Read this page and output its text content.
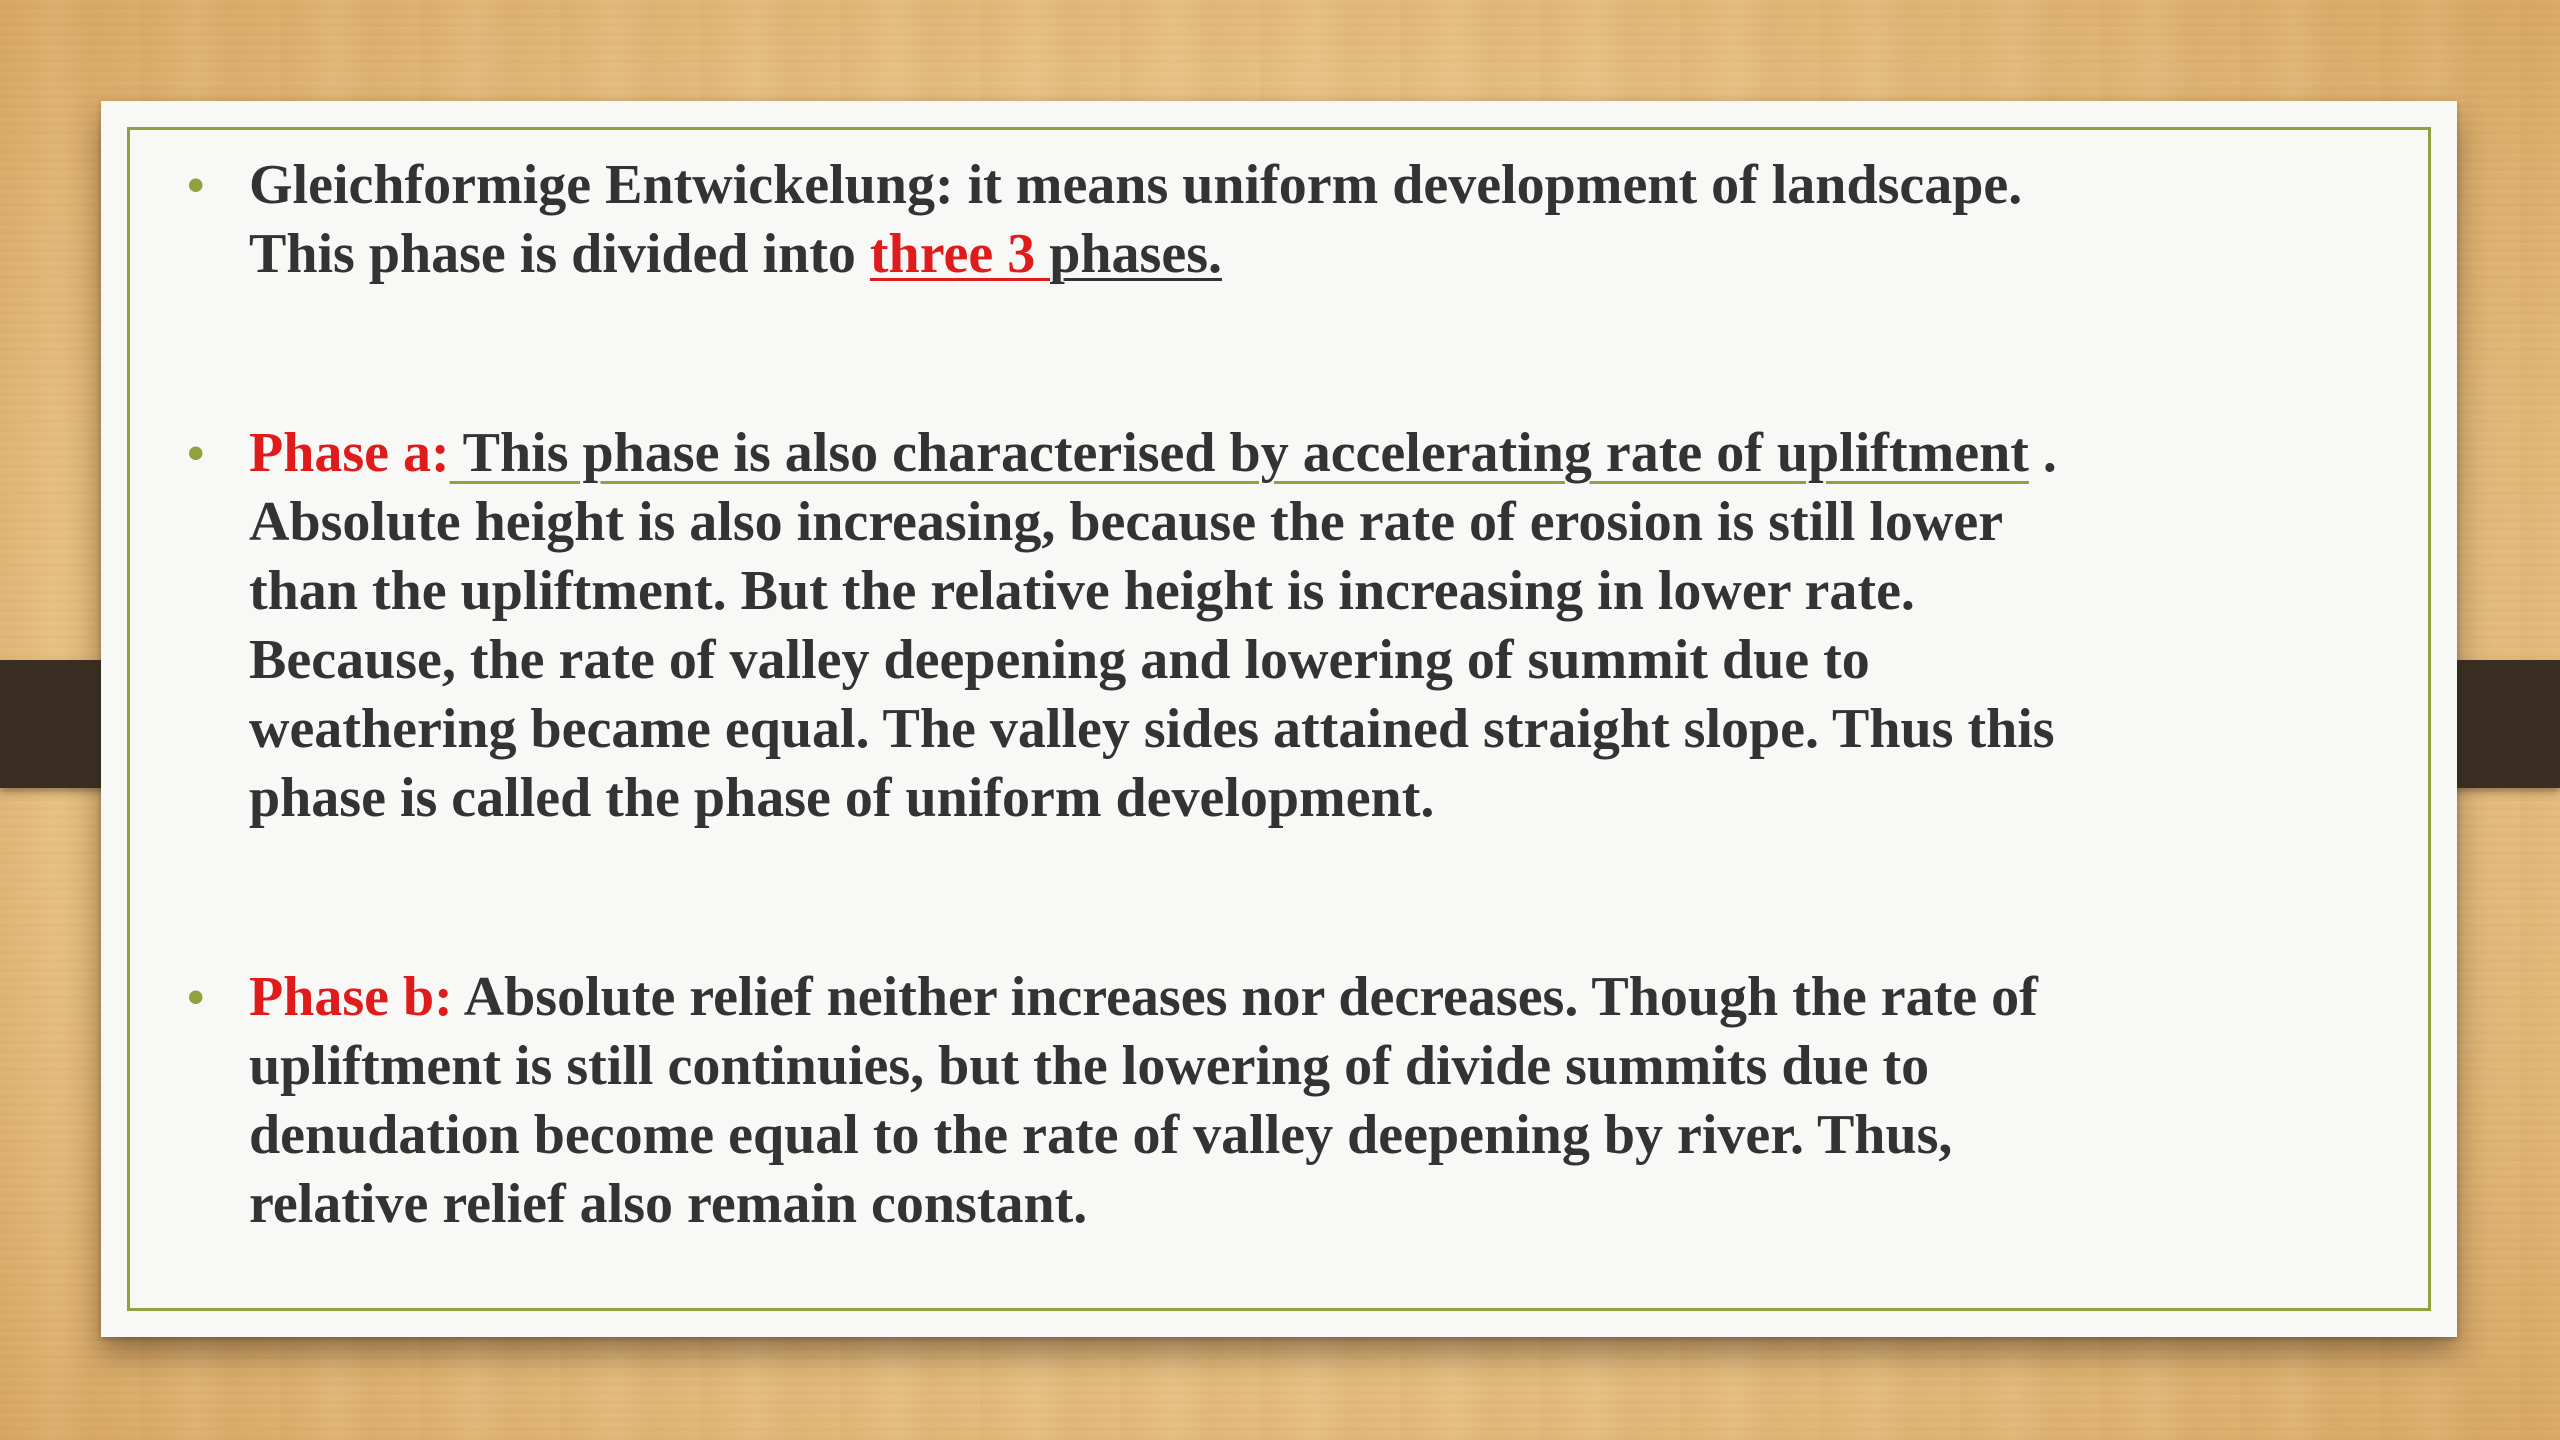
• Gleichformige Entwickelung: it means uniform development of landscape.
This phase is divided into three 3 phases.
• Phase a: This phase is also characterised by accelerating rate of upliftment .
Absolute height is also increasing, because the rate of erosion is still lower
than the upliftment. But the relative height is increasing in lower rate.
Because, the rate of valley deepening and lowering of summit due to
weathering became equal. The valley sides attained straight slope. Thus this
phase is called the phase of uniform development.
• Phase b: Absolute relief neither increases nor decreases. Though the rate of
upliftment is still continuies, but the lowering of divide summits due to
denudation become equal to the rate of valley deepening by river. Thus,
relative relief also remain constant.
